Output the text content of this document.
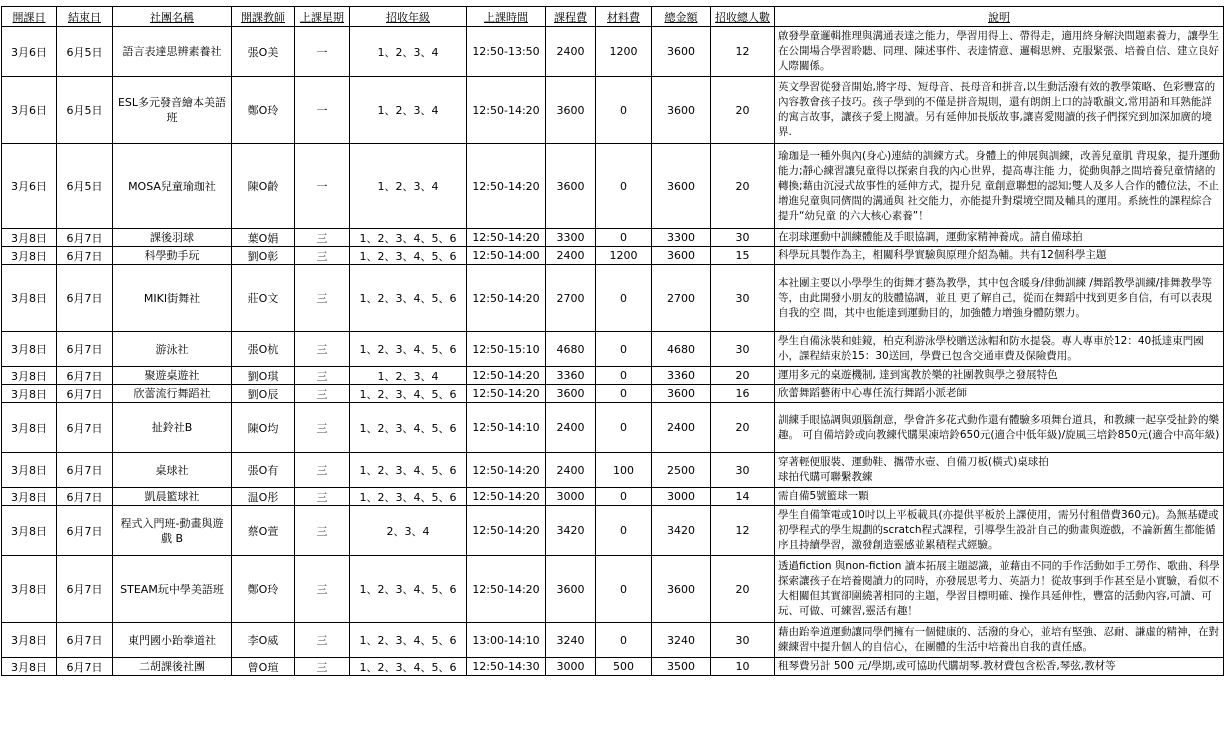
開課日	結束日	社團名稱	開課教師	上課星期	招收年級	上課時間	課程費	材料費	總金額	招收總人數	說明
3月6日	6月5日	語言表達思辨素養社	張O美	一	1、2、3、4	12:50-13:50	2400	1200	3600	12	啟發學童邏輯推理與溝通表達之能力，學習用得上、帶得走，適用終身解決問題素養力，讓學生在公開場合學習聆聽、同理、陳述事件、表達情意、邏輯思辨、克服緊張、培養自信、建立良好人際關係。
3月6日	6月5日	ESL多元發音繪本美語班	鄭O玲	一	1、2、3、4	12:50-14:20	3600	0	3600	20	英文學習從發音開始,將字母、短母音、長母音和拼音,以生動活潑有效的教學策略、色彩豐富的內容教會孩子技巧。孩子學到的不僅是拼音規則，還有朗朗上口的詩歌韻文,常用語和耳熟能詳的寓言故事，讓孩子愛上閱讀。另有延伸加長版故事,讓喜愛閱讀的孩子們探究到加深加廣的境界.
3月6日	6月5日	MOSA兒童瑜珈社	陳O齡	一	1、2、3、4	12:50-14:20	3600	0	3600	20	瑜珈是一種外與內(身心)連結的訓練方式。身體上的伸展與訓練，改善兒童肌 背現象，提升運動能力;靜心練習讓兒童得以探索自我的內心世界，提高專注能 力，從動與靜之間培養兒童情緒的轉換;藉由沉浸式故事性的延伸方式，提升兒 童創意聯想的認知;雙人及多人合作的體位法，不止增進兒童與同儕間的溝通與 社交能力，亦能提升對環境空間及輔具的運用。系統性的課程綜合提升“幼兒童 的六大核心素養”！
3月8日	6月7日	課後羽球	葉O娟	三	1、2、3、4、5、6	12:50-14:20	3300	0	3300	30	在羽球運動中訓練體能及手眼協調，運動家精神養成。請自備球拍
3月8日	6月7日	科學動手玩	劉O彰	三	1、2、3、4、5、6	12:50-14:00	2400	1200	3600	15	科學玩具製作為主，相關科學實驗與原理介紹為輔。共有12個科學主題
3月8日	6月7日	MIKI街舞社	莊O文	三	1、2、3、4、5、6	12:50-14:20	2700	0	2700	30	本社團主要以小學學生的街舞才藝為教學，其中包含暖身/律動訓練 /舞蹈教學訓練/排舞教學等等，由此開發小朋友的肢體協調，並且 更了解自己，從而在舞蹈中找到更多自信，有可以表現自我的空 間，其中也能達到運動目的，加強體力增強身體防禦力。
3月8日	6月7日	游泳社	張O杭	三	1、2、3、4、5、6	12:50-15:10	4680	0	4680	30	學生自備泳裝和蛙鏡，柏克利游泳學校贈送泳帽和防水提袋。專人專車於12：40抵達東門國小，課程結束於15：30送回，學費已包含交通車費及保險費用。
3月8日	6月7日	聚遊桌遊社	劉O琪	三	1、2、3、4	12:50-14:20	3360	0	3360	20	運用多元的桌遊機制, 達到寓教於樂的社團教與學之發展特色
3月8日	6月7日	欣蕾流行舞蹈社	劉O辰	三	1、2、3、4、5、6	12:50-14:20	3600	0	3600	16	欣蕾舞蹈藝術中心專任流行舞蹈小派老師
3月8日	6月7日	扯鈴社B	陳O均	三	1、2、3、4、5、6	12:50-14:10	2400	0	2400	20	訓練手眼協調與頭腦創意，學會許多花式動作還有體驗多項舞台道具，和教練一起享受扯鈴的樂趣。 可自備培鈴或向教練代購果凍培鈴650元(適合中低年級)/旋風三培鈴850元(適合中高年級)
3月8日	6月7日	桌球社	張O有	三	1、2、3、4、5、6	12:50-14:20	2400	100	2500	30	穿著輕便服裝、運動鞋、攜帶水壺、自備刀板(橫式)桌球拍
球拍代購可聯繫教練
3月8日	6月7日	凱晨籃球社	温O彤	三	1、2、3、4、5、6	12:50-14:20	3000	0	3000	14	需自備5號籃球一顆
3月8日	6月7日	程式入門班-動畫與遊戲 B	蔡O萱	三	2、3、4	12:50-14:20	3420	0	3420	12	學生自備筆電或10吋以上平板載具(亦提供平板於上課使用，需另付租借費360元)。為無基礎或初學程式的學生規劃的scratch程式課程，引導學生設計自己的動畫與遊戲，不論新舊生都能循序且持續學習，激發創造靈感並累積程式經驗。
3月8日	6月7日	STEAM玩中學美語班	鄭O玲	三	1、2、3、4、5、6	12:50-14:20	3600	0	3600	20	透過fiction 與non-fiction 讀本拓展主題認識，並藉由不同的手作活動如手工勞作、歌曲、科學探索讓孩子在培養閱讀力的同時，亦發展思考力、英語力！從故事到手作甚至是小實驗，看似不大相關但其實卻圍繞著相同的主題，學習目標明確、操作具延伸性，豐富的活動內容,可讀、可玩、可做、可練習,靈活有趣！
3月8日	6月7日	東門國小跆拳道社	李O威	三	1、2、3、4、5、6	13:00-14:10	3240	0	3240	30	藉由跆拳道運動讓同學們擁有一個健康的、活潑的身心，並培有堅強、忍耐、謙虛的精神，在對練練習中提升個人的自信心，在團體的生活中培養出自我的責任感。
3月8日	6月7日	二胡課後社團	曾O瑄	三	1、2、3、4、5、6	12:50-14:30	3000	500	3500	10	租琴費另計 500 元/學期,或可協助代購胡琴.教材費包含松香,琴弦,教材等
